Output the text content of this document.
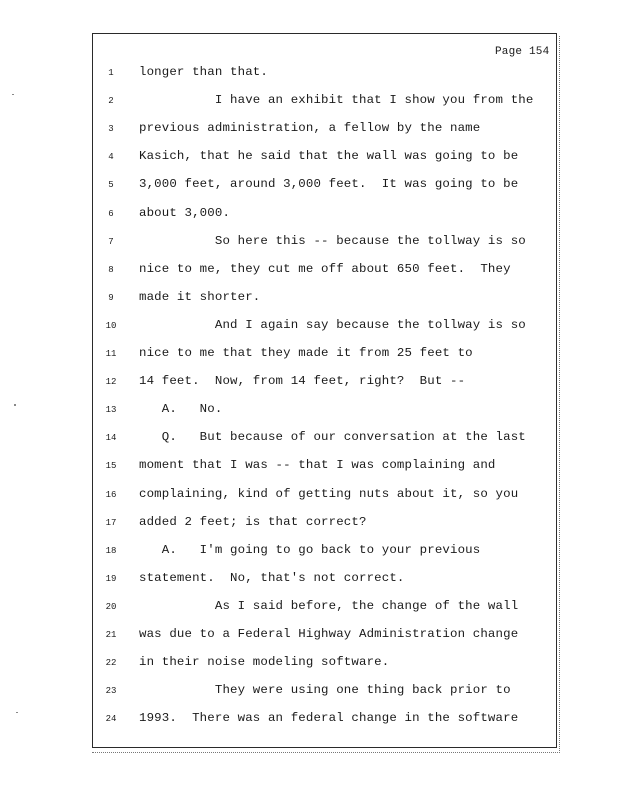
Page 154
1	longer than that.
2	I have an exhibit that I show you from the
3	previous administration, a fellow by the name
4	Kasich, that he said that the wall was going to be
5	3,000 feet, around 3,000 feet.  It was going to be
6	about 3,000.
7	So here this -- because the tollway is so
8	nice to me, they cut me off about 650 feet.  They
9	made it shorter.
10	And I again say because the tollway is so
11	nice to me that they made it from 25 feet to
12	14 feet.  Now, from 14 feet, right?  But --
13	A.   No.
14	Q.   But because of our conversation at the last
15	moment that I was -- that I was complaining and
16	complaining, kind of getting nuts about it, so you
17	added 2 feet; is that correct?
18	A.   I'm going to go back to your previous
19	statement.  No, that's not correct.
20	As I said before, the change of the wall
21	was due to a Federal Highway Administration change
22	in their noise modeling software.
23	They were using one thing back prior to
24	1993.  There was an federal change in the software
